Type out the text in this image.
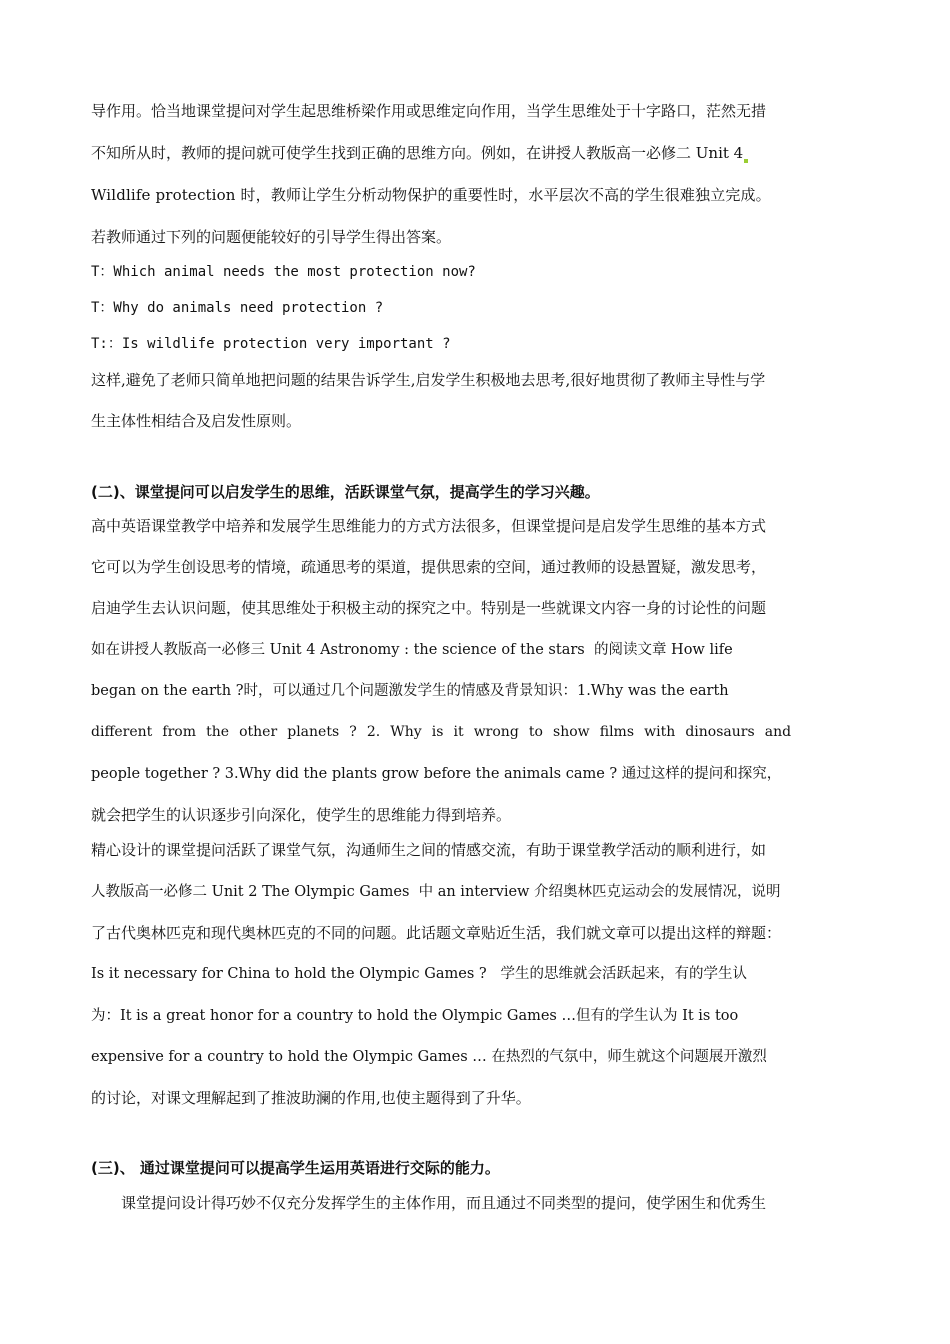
导作用。恰当地课堂提问对学生起思维桥梁作用或思维定向作用，当学生思维处于十字路口，茫然无措
不知所从时，教师的提问就可使学生找到正确的思维方向。例如，在讲授人教版高一必修二 Unit 4
Wildlife protection 时，教师让学生分析动物保护的重要性时，水平层次不高的学生很难独立完成。
若教师通过下列的问题便能较好的引导学生得出答案。
T：Which animal needs the most protection now?
T：Why do animals need protection ?
T:：Is wildlife protection very important ?
这样,避免了老师只简单地把问题的结果告诉学生,启发学生积极地去思考,很好地贯彻了教师主导性与学
生主体性相结合及启发性原则。
(二)、课堂提问可以启发学生的思维，活跃课堂气氛，提高学生的学习兴趣。
高中英语课堂教学中培养和发展学生思维能力的方式方法很多，但课堂提问是启发学生思维的基本方式
它可以为学生创设思考的情境，疏通思考的渠道，提供思索的空间，通过教师的设悬置疑，激发思考，
启迪学生去认识问题，使其思维处于积极主动的探究之中。特别是一些就课文内容一身的讨论性的问题
如在讲授人教版高一必修三 Unit 4 Astronomy : the science of the stars  的阅读文章 How life
began on the earth ?时，可以通过几个问题激发学生的情感及背景知识：1.Why was the earth
different  from  the  other  planets  ?  2.  Why  is  it  wrong  to  show  films  with  dinosaurs  and
people together ? 3.Why did the plants grow before the animals came ? 通过这样的提问和探究，
就会把学生的认识逐步引向深化，使学生的思维能力得到培养。
精心设计的课堂提问活跃了课堂气氛，沟通师生之间的情感交流，有助于课堂教学活动的顺利进行，如
人教版高一必修二 Unit 2 The Olympic Games  中 an interview 介绍奥林匹克运动会的发展情况，说明
了古代奥林匹克和现代奥林匹克的不同的问题。此话题文章贴近生活，我们就文章可以提出这样的辩题：
Is it necessary for China to hold the Olympic Games ?   学生的思维就会活跃起来，有的学生认
为：It is a great honor for a country to hold the Olympic Games …但有的学生认为 It is too
expensive for a country to hold the Olympic Games … 在热烈的气氛中，师生就这个问题展开激烈
的讨论，对课文理解起到了推波助澜的作用,也使主题得到了升华。
(三)、 通过课堂提问可以提高学生运用英语进行交际的能力。
课堂提问设计得巧妙不仅充分发挥学生的主体作用，而且通过不同类型的提问，使学困生和优秀生
